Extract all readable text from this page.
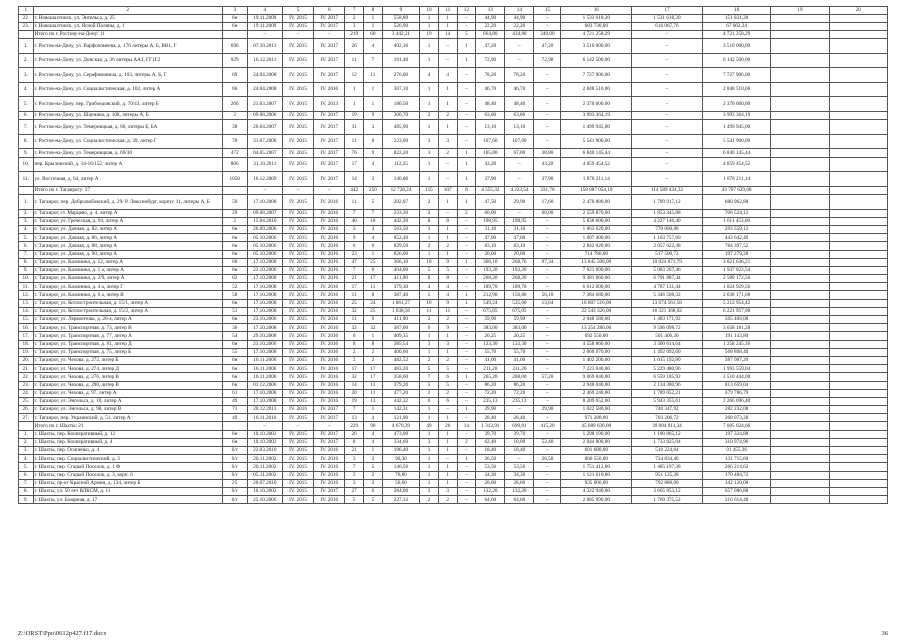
1	2	3	4	5	6	7	8	9	10	11	12	13	14	15	16	17	18	19	20
22.	г. Новошахтинск, ул. Энгельса, д. 25	6н	19.11.2009	IV. 2015	IV. 2017	2	1	558,80	1	1	–	44,90	44,90	–	1 533 618,20	1 531 618,20	151 831,28		
23.	г. Новошахтинск, ул. Ясной Поляны, д. 1	6н	19.11.2009	IV. 2015	IV. 2017	3	1	526,90	1	1	–	22,20	22,20	–	683 730,00	616 067,76	67 662,24		
	Итого по г. Ростову-на-Дону: 11		–	–	–	219	60	3 442,21	19	14	5	664,80	434,80	240,00	4 721 258,29	–	4 721 258,29		
1.	г. Ростов-на-Дону, ул. Варфоломеева, д. 176 литеры А, Б, ВВ1, Г	696	07.10.2011	IV. 2015	IV. 2017	26	4	402,36	1	–	1	47,20	–	47,20	3 510 000,00	–	3 510 000,00		
2.	г. Ростов-на-Дону, ул. Донская, д. 36 литеры АА1, ГГ1Г2	929	16.12.2011	IV. 2015	IV. 2017	11	7	191,40	1	–	1	72,90	–	72,90	6 142 500,00	–	6 142 500,00		
3.	г. Ростов-на-Дону, ул. Серафимовича, д. 103, литеры А, Б, Г	69	24.04.2008	IV. 2015	IV. 2017	12	11	276,00	4	4	–	78,20	78,20	–	7 727 906,00	–	7 727 906,00		
4.	г. Ростов-на-Дону, ул. Социалистическая, д. 102, литер А	66	24.04.2008	IV. 2015	IV. 2016	1	1	307,10	1	1	–	46,70	46,70	–	2 848 510,00	–	2 848 510,00		
5.	г. Ростов-на-Дону, пер. Грибоедовский, д. 70/43, литер Б	266	21.03.2007	IV. 2015	IV. 2013	1	1	180,50	1	1	–	48,40	48,40	–	2 370 600,00	–	2 370 600,00		
6.	г. Ростов-на-Дону, ул. Шаумяна, д. 108, литеры А, Б	2	09.08.2006	IV. 2015	IV. 2017	19	9	300,70	2	2	–	63,80	63,80	–	3 993 364,19	–	3 993 364,19		
7.	г. Ростов-на-Дону, ул. Темерницкая, д. 66, литеры Б, БА	38	26.04.2007	IV. 2015	IV. 2017	31	3	485,90	1	1	–	13,10	13,10	–	1 499 945,00	–	1 499 945,00		
8.	г. Ростов-на-Дону, ул. Социалистическая, д. 39, литер Г	78	31.07.2008	IV. 2015	IV. 2017	11	8	223,00	3	3	–	107,60	107,60	–	5 541 900,00	–	5 541 900,00		
9.	г. Ростов-на-Дону, ул. Темерницкая, д. 69/30	472	04.05.2007	IV. 2015	IV. 2017	76	9	822,20	3	2	1	105,80	67,00	38,80	6 840 145,44	–	6 840 145,44		
10.	пер. Крылинский, д. 14-16/152, литер А	806	31.10.2011	IV. 2015	IV. 2017	17	4	112,25	1	–	1	43,20	–	43,20	4 859 454,52	–	4 859 454,52		
11.	ул. Восточная, д. 64, литер А	1058	16.12.2009	IV. 2015	IV. 2017	14	3	140,80	1	–	1	37,90	–	37,90	1 878 211,14	–	1 878 211,14		
	Итого по г. Таганрогу: 27		–	–	–	442	250	12 728,24	115	107	8	4 555,32	4 223,54	331,78	158 087 054,10	114 589 434,32	43 797 629,68		
1.	г. Таганрог, пер. Добролюбовский, д. 29/ Р. Люксембург, корпус 11, литеры А, Б	59	17.10.2008	IV. 2015	IV. 2016	11	5	202,07	2	1	1	47,50	29,90	17,60	2 470 880,00	1 789 917,12	680 962,88		
2.	г. Таганрог, ст. Марцево, д. 4, литер А	29	09.08.2007	IV. 2015	IV. 2016	7	7	233,30	2	–	2	60,00	–	60,00	2 559 870,00	1 853 345,88	706 524,12		
3.	г. Таганрог, ул. Греческая, д. 94, литер А	2	15.04.2010	IV. 2015	IV. 2016	40	18	442,30	8	8	–	198,95	198,95	–	5 836 600,00	4 227 146,40	1 611 453,60		
4.	г. Таганрог, ул. Дачная, д. 82, литер А	6н	26.09.2006	IV. 2015	IV. 2016	3	3	563,50	1	1	–	31,10	31,10	–	1 063 620,00	770 060,88	293 559,12		
5.	г. Таганрог, ул. Дачная, д. 86, литер А	6н	05.10.2006	IV. 2015	IV. 2016	9	4	852,40	1	1	–	47,00	47,00	–	1 607 400,00	1 163 757,60	443 642,40		
6.	г. Таганрог, ул. Дачная, д. 88, литер А	6н	05.10.2006	IV. 2015	IV. 2016	6	6	829,50	2	2	–	83,10	83,10	–	2 842 020,00	2 057 622,48	784 397,52		
7.	г. Таганрог, ул. Дачная, д. 90, литер А	6н	05.10.2006	IV. 2015	IV. 2016	23	1	826,00	1	1	–	20,00	20,00	–	714 780,00	517 500,72	197 279,28		
8.	г. Таганрог, ул. Калинина, д. 12, литер А	60	17.10.2008	IV. 2015	IV. 2016	47	25	366,10	10	9	1	366,10	268,76	97,34	13 845 508,00	10 024 871,79	3 821 636,21		
9.	г. Таганрог, ул. Калинина, д. 1 а, литер А	6н	23.10.2006	IV. 2015	IV. 2016	7	6	404,00	5	5	–	193,20	193,20	–	7 021 090,00	5 083 267,46	1 937 822,54		
10.	г. Таганрог, ул. Калинина, д. 2/9, литер А	62	17.10.2008	IV. 2015	IV. 2016	21	17	411,90	8	8	–	268,20	268,20	–	9 381 060,00	6 791 887,44	2 589 172,56		
11.	г. Таганрог, ул. Калинина, д. 4 а, литер Г	52	17.10.2008	IV. 2015	IV. 2016	17	11	379,30	4	4	–	189,70	189,70	–	6 612 000,00	4 787 131,44	1 824 929,56		
12.	г. Таганрог, ул. Калинина, д. 6 а, литер В	58	17.10.2008	IV. 2015	IV. 2016	11	8	387,40	5	4	1	212,90	156,80	56,10	7 384 680,00	5 346 508,32	2 038 171,68		
13.	г. Таганрог, ул. Котлостроительная, д. 15/1, литер А	6н	17.10.2008	IV. 2015	IV. 2016	25	24	1 061,27	10	9	1	549,24	535,60	13,64	18 807 516,00	13 674 561,58	5 212 954,42		
14.	г. Таганрог, ул. Котлостроительная, д. 15/2, литер А	51	17.10.2008	IV. 2015	IV. 2016	32	25	1 038,56	11	11	–	675,05	675,05	–	22 543 326,00	16 321 368,02	6 221 957,98		
15.	г. Таганрог, ул. Лермонтова, д. 26-а, литер А	6н	23.10.2006	IV. 2015	IV. 2016	11	9	411,90	2	2	–	59,90	59,90	–	2 048 580,00	1 483 171,92	565 408,08		
16.	г. Таганрог, ул. Транспортная, д. 73, литер В	36	17.10.2008	IV. 2015	IV. 2016	32	32	387,00	9	9	–	383,00	383,00	–	13 254 280,00	9 596 098,72	3 658 181,28		
17.	г. Таганрог, ул. Транспортная, д. 77, литер А	54	29.10.2008	IV. 2015	IV. 2016	6	1	409,35	1	1	–	20,25	20,25	–	692 550,00	501 406,20	191 143,80		
18.	г. Таганрог, ул. Транспортная, д. 81, литер Д	6н	23.10.2006	IV. 2015	IV. 2016	8	8	385,54	3	3	–	133,30	133,30	–	4 558 860,00	3 300 614,64	1 258 245,36		
19.	г. Таганрог, ул. Транспортная, д. 75, литер Б	55	17.10.2008	IV. 2015	IV. 2016	2	2	400,60	1	1	–	55,70	55,70	–	2 060 970,00	1 492 092,60	568 808,40		
20.	г. Таганрог, ул. Чехова, д. 272, литер Б	6н	16.11.2006	IV. 2015	IV. 2016	2	2	482,52	2	2	–	41,00	41,00	–	1 402 200,00	1 015 192,80	387 007,20		
21.	г. Таганрог, ул. Чехова, д. 274, литер Д	6н	16.11.2006	IV. 2015	IV. 2016	17	17	483,20	5	5	–	211,20	211,20	–	7 223 040,00	5 229 480,96	1 993 559,04		
22.	г. Таганрог, ул. Чехова, д. 276, литер В	6н	16.11.2006	IV. 2015	IV. 2016	32	17	358,60	7	6	1	265,20	208,00	57,20	9 069 840,00	6 559 185,92	2 510 444,08		
23.	г. Таганрог, ул. Чехова, д. 290, литер В	6н	01.12.2006	IV. 2015	IV. 2016	14	11	379,20	5	5	–	86,20	86,20	–	2 948 040,00	2 134 380,96	813 659,04		
24.	г. Таганрог, ул. Чехова, д. 97, литер А	61	17.10.2008	IV. 2015	IV. 2016	20	11	477,20	2	2	–	72,20	72,20	–	2 469 240,00	1 789 052,21	679 786,79		
25.	г. Таганрог, ул. Энгельса, д. 10, литер А	49	17.10.2008	IV. 2015	IV. 2016	19	13	442,32	6	6	–	235,13	235,13	–	8 209 652,00	5 943 355,61	2 266 696,40		
26.	г. Таганрог, ул. Энгельса, д. 98, литер В	71	28.12.2011	IV. 2016	IV. 2017	7	1	142,31	1	–	1	29,90	–	29,90	1 022 580,00	740 347,92	282 232,08		
27.	г. Таганрог, пер. Украинский, д. 51, литер А	49	16.11.2010	IV. 2015	IV. 2017	13	4	121,90	1	1	–	28,40	28,40	–	971 280,00	703 206,72	268 073,28		
	Итого по г. Шахты: 21		–	–	–	229	90	4 670,39	49	26	14	1 313,91	699,81	415,20	45 689 636,00	39 084 011,34	7 005 624,66		
1.	г. Шахты, пер. Кооперативный, д. 12	6н	10.10.2002	IV. 2015	IV. 2017	26	4	473,00	1	1	–	39,70	39,70	–	1 298 190,00	1 100 865,12	197 324,88		
2.	г. Шахты, пер. Кооперативный, д. 4	6н	10.10.2002	IV. 2015	IV. 2017	8	4	334,60	3	1	2	62,40	10,00	52,40	2 044 800,00	1 733 825,04	310 974,96		
3.	г. Шахты, пер. Осипенко, д. 4	6/г	22.03.2010	IV. 2015	IV. 2016	21	1	196,40	1	1	–	18,40	18,40	–	601 680,00	510 224,64	91 455,36		
4.	г. Шахты, пер. Социалистический, д. 3	6/г	20.11.2002	IV. 2015	IV. 2016	3	3	96,30	1	–	1	26,50	–	26,50	866 550,00	734 834,40	131 715,60		
5.	г. Шахты, пер. Старый Поселок, д. 1 Ф	6/г	20.11.2002	IV. 2015	IV. 2016	7	5	146,56	1	1	–	53,56	53,56	–	1 751 412,00	1 485 197,38	266 214,62		
6.	г. Шахты, пер. Старый Поселок, д. 3, корп. 6	6/г	05.11.2002	IV. 2015	IV. 2016	2	2	76,80	1	1	–	34,30	34,30	–	1 121 610,00	951 125,28	170 484,72		
7.	г. Шахты, пр-кт Красной Армии, д. 134, литер Б	25	20.07.2010	IV. 2015	IV. 2016	3	3	56,60	1	1	–	28,60	28,60	–	935 000,00	792 880,00	142 120,00		
8.	г. Шахты, ул. 50 лет ВЛКСМ, д. 11	6/г	10.10.2002	IV. 2015	IV. 2017	27	6	284,00	3	3	–	132,20	132,20	–	4 322 940,00	3 665 853,12	657 086,88		
9.	г. Шахты, ул. Базарная, д. 17	6/г	25.10.2006	IV. 2015	IV. 2016	5	5	227,33	2	2	–	64,60	64,60	–	2 085 990,00	1 769 375,52	316 614,48		
Z:\ORST\Ppo\0612p427.f17.docx	36
